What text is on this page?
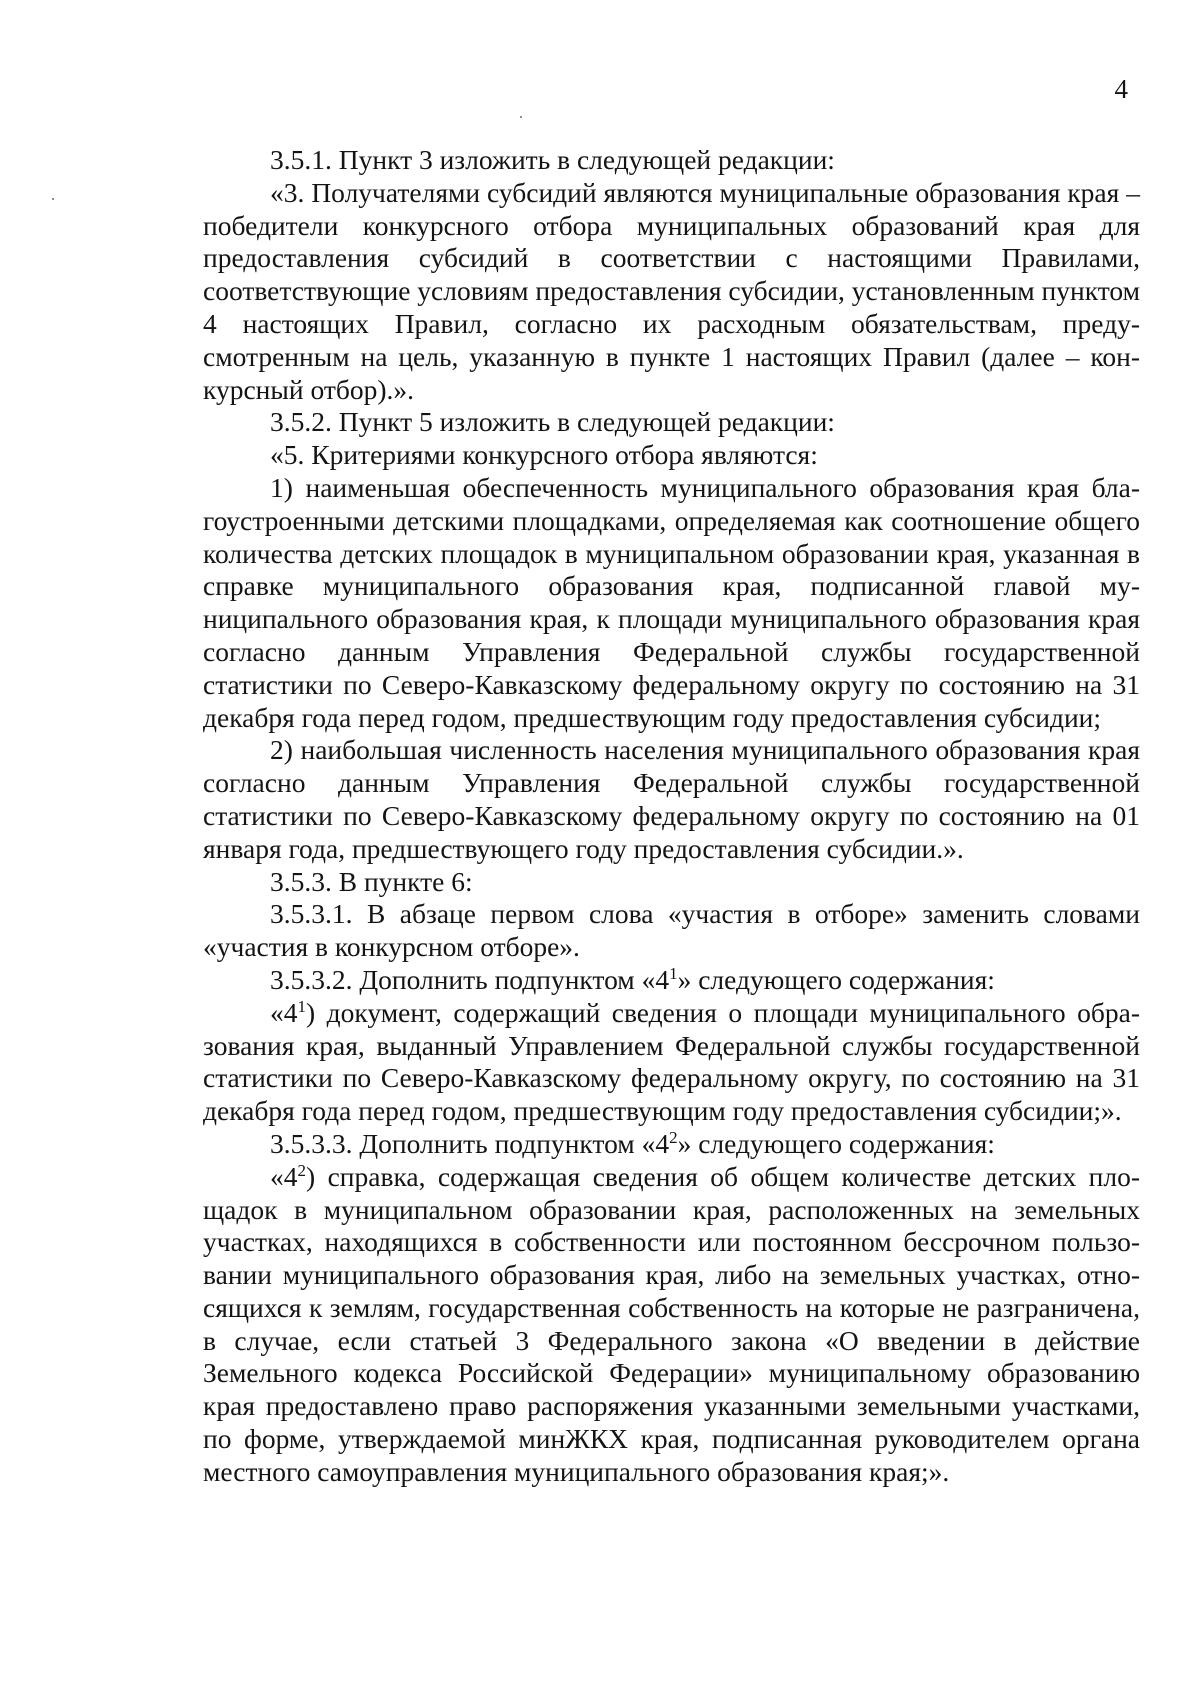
4

3.5.1. Пункт 3 изложить в следующей редакции:

«3. Получателями субсидий являются муниципальные образования края – победители конкурсного отбора муниципальных образований края для предоставления субсидий в соответствии с настоящими Правилами, соответствующие условиям предоставления субсидии, установленным пунктом 4 настоящих Правил, согласно их расходным обязательствам, предусмотренным на цель, указанную в пункте 1 настоящих Правил (далее – конкурсный отбор).».

3.5.2. Пункт 5 изложить в следующей редакции:

«5. Критериями конкурсного отбора являются:

1) наименьшая обеспеченность муниципального образования края благоустроенными детскими площадками, определяемая как соотношение общего количества детских площадок в муниципальном образовании края, указанная в справке муниципального образования края, подписанной главой муниципального образования края, к площади муниципального образования края согласно данным Управления Федеральной службы государственной статистики по Северо-Кавказскому федеральному округу по состоянию на 31 декабря года перед годом, предшествующим году предоставления субсидии;

2) наибольшая численность населения муниципального образования края согласно данным Управления Федеральной службы государственной статистики по Северо-Кавказскому федеральному округу по состоянию на 01 января года, предшествующего году предоставления субсидии.».

3.5.3. В пункте 6:

3.5.3.1. В абзаце первом слова «участия в отборе» заменить словами

«участия в конкурсном отборе».

3.5.3.2. Дополнить подпунктом «$4^1$» следующего содержания:

«$4^1$) документ, содержащий сведения о площади муниципального образования края, выданный Управлением Федеральной службы государственной статистики по Северо-Кавказскому федеральному округу, по состоянию на 31 декабря года перед годом, предшествующим году предоставления субсидии;».

3.5.3.3. Дополнить подпунктом «$4^2$» следующего содержания:

«$4^2$) справка, содержащая сведения об общем количестве детских площадок в муниципальном образовании края, расположенных на земельных участках, находящихся в собственности или постоянном бессрочном пользовании муниципального образования края, либо на земельных участках, относящихся к землям, государственная собственность на которые не разграничена, в случае, если статьей 3 Федерального закона «О введении в действие Земельного кодекса Российской Федерации» муниципальному образованию края предоставлено право распоряжения указанными земельными участками, по форме, утверждаемой минЖКХ края, подписанная руководителем органа местного самоуправления муниципального образования края;».
